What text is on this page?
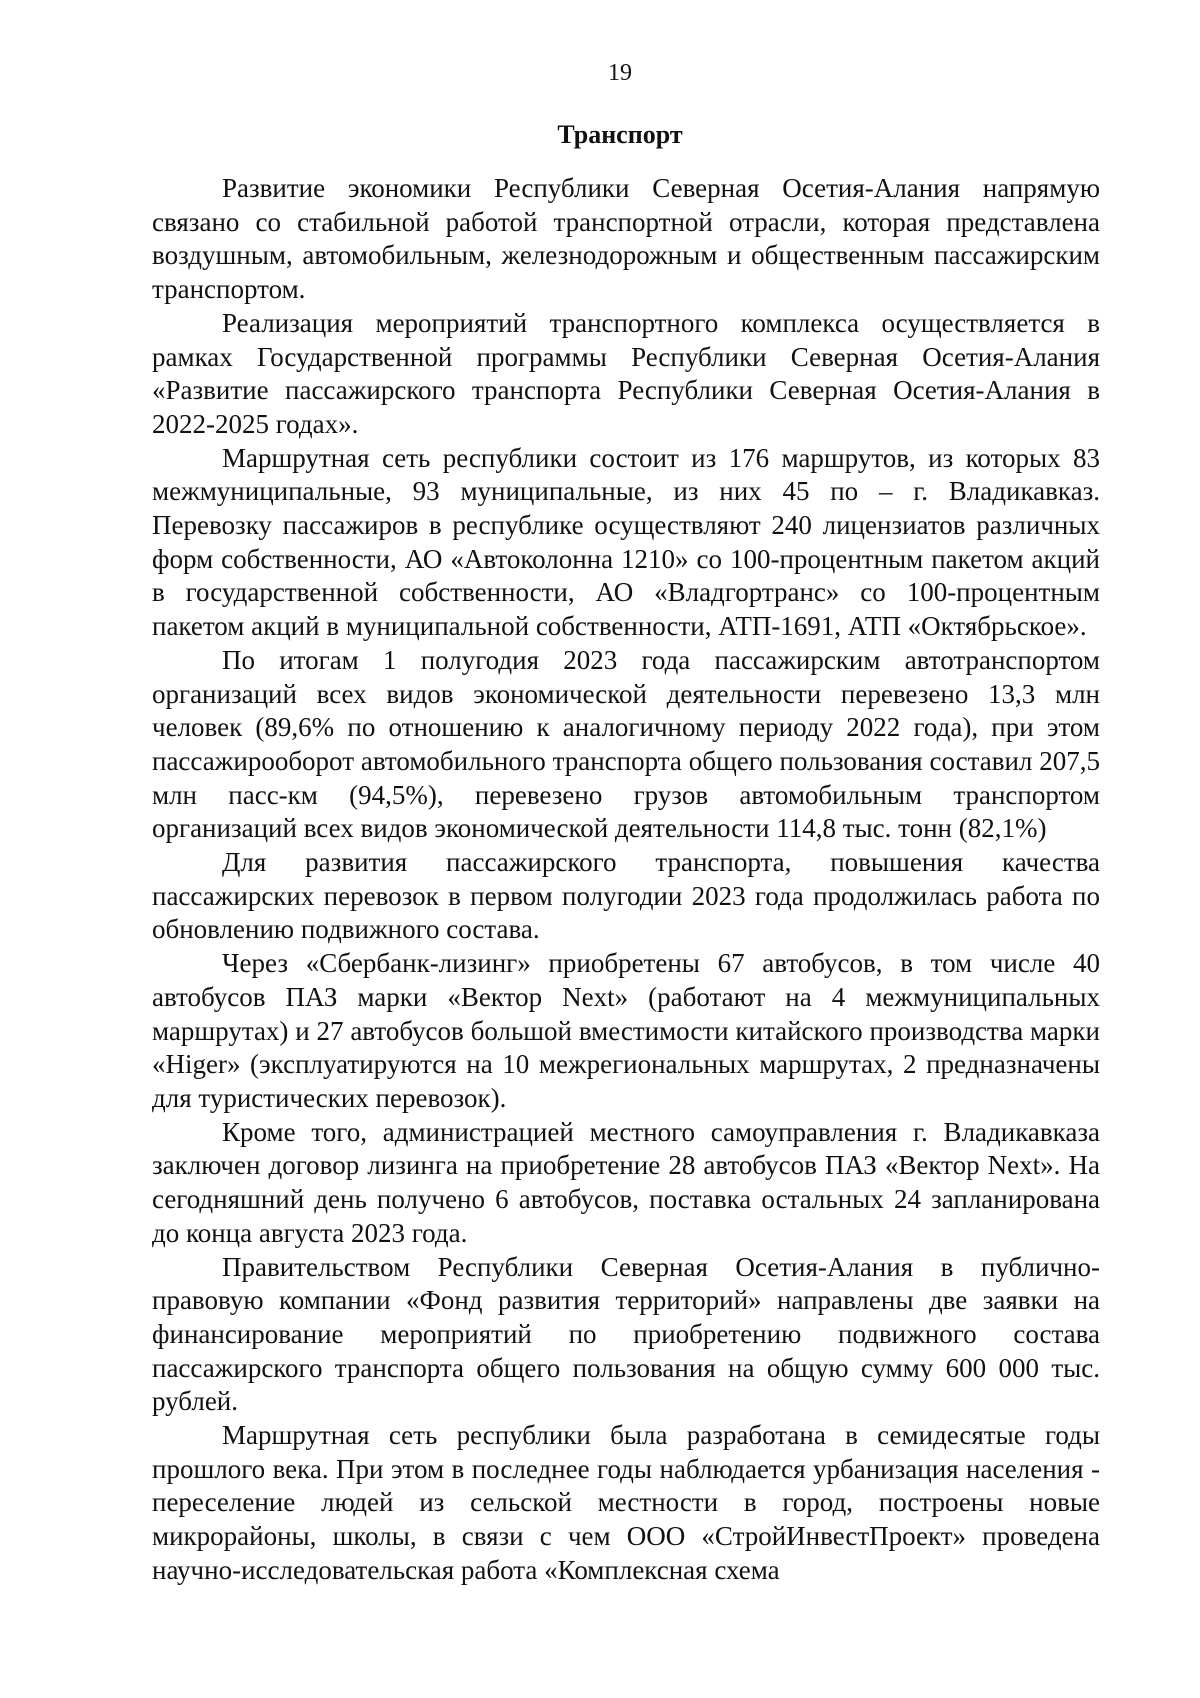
19
Транспорт

Развитие экономики Республики Северная Осетия-Алания напрямую связано со стабильной работой транспортной отрасли, которая представлена воздушным, автомобильным, железнодорожным и общественным пассажирским транспортом.

Реализация мероприятий транспортного комплекса осуществляется в рамках Государственной программы Республики Северная Осетия-Алания «Развитие пассажирского транспорта Республики Северная Осетия-Алания в 2022-2025 годах».

Маршрутная сеть республики состоит из 176 маршрутов, из которых 83 межмуниципальные, 93 муниципальные, из них 45 по – г. Владикавказ. Перевозку пассажиров в республике осуществляют 240 лицензиатов различных форм собственности, АО «Автоколонна 1210» со 100-процентным пакетом акций в государственной собственности, АО «Владгортранс» со 100-процентным пакетом акций в муниципальной собственности, АТП-1691, АТП «Октябрьское».

По итогам 1 полугодия 2023 года пассажирским автотранспортом организаций всех видов экономической деятельности перевезено 13,3 млн человек (89,6% по отношению к аналогичному периоду 2022 года), при этом пассажирооборот автомобильного транспорта общего пользования составил 207,5 млн пасс-км (94,5%), перевезено грузов автомобильным транспортом организаций всех видов экономической деятельности 114,8 тыс. тонн (82,1%)

Для развития пассажирского транспорта, повышения качества пассажирских перевозок в первом полугодии 2023 года продолжилась работа по обновлению подвижного состава.

Через «Сбербанк-лизинг» приобретены 67 автобусов, в том числе 40 автобусов ПАЗ марки «Вектор Next» (работают на 4 межмуниципальных маршрутах) и 27 автобусов большой вместимости китайского производства марки «Higer» (эксплуатируются на 10 межрегиональных маршрутах, 2 предназначены для туристических перевозок).

Кроме того, администрацией местного самоуправления г. Владикавказа заключен договор лизинга на приобретение 28 автобусов ПАЗ «Вектор Next». На сегодняшний день получено 6 автобусов, поставка остальных 24 запланирована до конца августа 2023 года.

Правительством Республики Северная Осетия-Алания в публично-правовую компании «Фонд развития территорий» направлены две заявки на финансирование мероприятий по приобретению подвижного состава пассажирского транспорта общего пользования на общую сумму 600 000 тыс. рублей.

Маршрутная сеть республики была разработана в семидесятые годы прошлого века. При этом в последнее годы наблюдается урбанизация населения - переселение людей из сельской местности в город, построены новые микрорайоны, школы, в связи с чем ООО «СтройИнвестПроект» проведена научно-исследовательская работа «Комплексная схема
